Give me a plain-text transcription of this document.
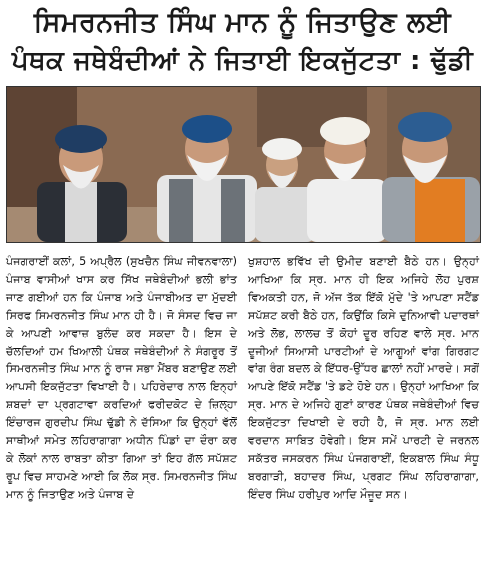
ਸਿਮਰਨਜੀਤ ਸਿੰਘ ਮਾਨ ਨੂੰ ਜਿਤਾਉਣ ਲਈ
ਪੰਥਕ ਜਥੇਬੰਦੀਆਂ ਨੇ ਜਿਤਾਈ ਇਕਜੁੱਟਤਾ : ਢੁੱਡੀ

ਪੰਜਗਰਾਈਂ ਕਲਾਂ, 5 ਅਪ੍ਰੈਲ (ਸੁਖਚੈਨ ਸਿੰਘ ਜੀਵਨਵਾਲਾ) ਪੰਜਾਬ ਵਾਸੀਆਂ ਖਾਸ ਕਰ ਸਿੱਖ ਜਥੇਬੰਦੀਆਂ ਭਲੀ ਭਾਂਤ ਜਾਣ ਗਈਆਂ ਹਨ ਕਿ ਪੰਜਾਬ ਅਤੇ ਪੰਜਾਬੀਅਤ ਦਾ ਮੁੱਦਈ ਸਿਰਫ ਸਿਮਰਨਜੀਤ ਸਿੰਘ ਮਾਨ ਹੀ ਹੈ। ਜੋ ਸੰਸਦ ਵਿਚ ਜਾ ਕੇ ਆਪਣੀ ਆਵਾਜ਼ ਬੁਲੰਦ ਕਰ ਸਕਦਾ ਹੈ। ਇਸ ਦੇ ਚੱਲਦਿਆਂ ਹਮ ਖਿਆਲੀ ਪੰਥਕ ਜਥੇਬੰਦੀਆਂ ਨੇ ਸੰਗਰੂਰ ਤੋਂ ਸਿਮਰਨਜੀਤ ਸਿੰਘ ਮਾਨ ਨੂੰ ਰਾਜ ਸਭਾ ਮੈਂਬਰ ਬਣਾਉਣ ਲਈ ਆਪਸੀ ਇਕਜੁੱਟਤਾ ਵਿਖਾਈ ਹੈ। ਪਹਿਰੇਦਾਰ ਨਾਲ ਇਨ੍ਹਾਂ ਸ਼ਬਦਾਂ ਦਾ ਪ੍ਰਗਟਾਵਾ ਕਰਦਿਆਂ ਫਰੀਦਕੋਟ ਦੇ ਜ਼ਿਲ੍ਹਾ ਇੰਚਾਰਜ ਗੁਰਦੀਪ ਸਿੰਘ ਢੁੱਡੀ ਨੇ ਦੱਸਿਆ ਕਿ ਉਨ੍ਹਾਂ ਵੱਲੋਂ ਸਾਥੀਆਂ ਸਮੇਤ ਲਹਿਰਾਗਾਗਾ ਅਧੀਨ ਪਿੰਡਾਂ ਦਾ ਦੌਰਾ ਕਰ ਕੇ ਲੋਕਾਂ ਨਾਲ ਰਾਬਤਾ ਕੀਤਾ ਗਿਆ ਤਾਂ ਇਹ ਗੱਲ ਸਪੱਸ਼ਟ ਰੂਪ ਵਿਚ ਸਾਹਮਣੇ ਆਈ ਕਿ ਲੋਕ ਸ੍ਰ. ਸਿਮਰਨਜੀਤ ਸਿੰਘ ਮਾਨ ਨੂੰ ਜਿਤਾਉਣ ਅਤੇ ਪੰਜਾਬ ਦੇ

ਖੁਸ਼ਹਾਲ ਭਵਿੱਖ ਦੀ ਉਮੀਦ ਬਣਾਈ ਬੈਠੇ ਹਨ। ਉਨ੍ਹਾਂ ਆਖਿਆ ਕਿ ਸ੍ਰ. ਮਾਨ ਹੀ ਇਕ ਅਜਿਹੇ ਲੋਹ ਪੁਰਸ਼ ਵਿਅਕਤੀ ਹਨ, ਜੋ ਅੱਜ ਤੱਕ ਇੱਕੋ ਮੁੱਦੇ 'ਤੇ ਆਪਣਾ ਸਟੈਂਡ ਸਪੱਸ਼ਟ ਕਰੀ ਬੈਠੇ ਹਨ, ਕਿਉਂਕਿ ਕਿਸੇ ਦੁਨਿਆਵੀ ਪਦਾਰਥਾਂ ਅਤੇ ਲੋਭ, ਲਾਲਚ ਤੋਂ ਕੋਹਾਂ ਦੂਰ ਰਹਿਣ ਵਾਲੇ ਸ੍ਰ. ਮਾਨ ਦੂਜੀਆਂ ਸਿਆਸੀ ਪਾਰਟੀਆਂ ਦੇ ਆਗੂਆਂ ਵਾਂਗ ਗਿਰਗਟ ਵਾਂਗ ਰੰਗ ਬਦਲ ਕੇ ਇੱਧਰ-ਉੱਧਰ ਛਾਲਾਂ ਨਹੀਂ ਮਾਰਦੇ। ਸਗੋਂ ਆਪਣੇ ਇੱਕੋ ਸਟੈਂਡ 'ਤੇ ਡਟੇ ਹੋਏ ਹਨ। ਉਨ੍ਹਾਂ ਆਖਿਆ ਕਿ ਸ੍ਰ. ਮਾਨ ਦੇ ਅਜਿਹੇ ਗੁਣਾਂ ਕਾਰਣ ਪੰਥਕ ਜਥੇਬੰਦੀਆਂ ਵਿਚ ਇਕਜੁੱਟਤਾ ਦਿਖਾਈ ਦੇ ਰਹੀ ਹੈ, ਜੋ ਸ੍ਰ. ਮਾਨ ਲਈ ਵਰਦਾਨ ਸਾਬਿਤ ਹੋਵੇਗੀ। ਇਸ ਸਮੇਂ ਪਾਰਟੀ ਦੇ ਜਰਨਲ ਸਕੱਤਰ ਜਸਕਰਨ ਸਿੰਘ ਪੰਜਗਰਾਈਂ, ਇਕਬਾਲ ਸਿੰਘ ਸੰਧੂ ਬਰਗਾੜੀ, ਬਹਾਦਰ ਸਿੰਘ, ਪ੍ਰਗਟ ਸਿੰਘ ਲਹਿਰਾਗਾਗਾ, ਇੰਦਰ ਸਿੰਘ ਹਰੀਪੁਰ ਆਦਿ ਮੌਜੂਦ ਸਨ।
